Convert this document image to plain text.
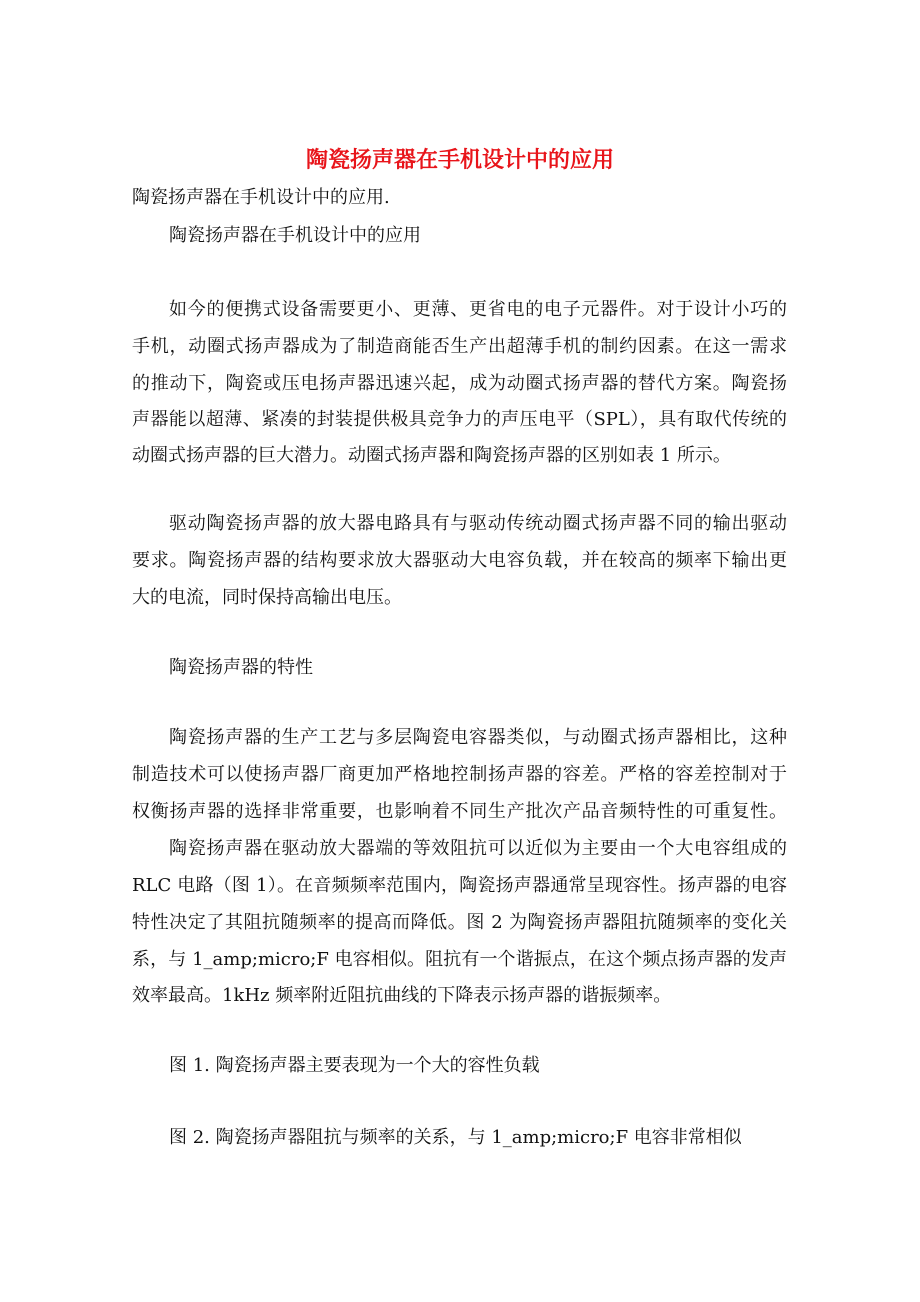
陶瓷扬声器在手机设计中的应用
陶瓷扬声器在手机设计中的应用.
陶瓷扬声器在手机设计中的应用
如今的便携式设备需要更小、更薄、更省电的电子元器件。对于设计小巧的
手机，动圈式扬声器成为了制造商能否生产出超薄手机的制约因素。在这一需求
的推动下，陶瓷或压电扬声器迅速兴起，成为动圈式扬声器的替代方案。陶瓷扬
声器能以超薄、紧凑的封装提供极具竞争力的声压电平（SPL），具有取代传统的
动圈式扬声器的巨大潜力。动圈式扬声器和陶瓷扬声器的区别如表 1 所示。
驱动陶瓷扬声器的放大器电路具有与驱动传统动圈式扬声器不同的输出驱动
要求。陶瓷扬声器的结构要求放大器驱动大电容负载，并在较高的频率下输出更
大的电流，同时保持高输出电压。
陶瓷扬声器的特性
陶瓷扬声器的生产工艺与多层陶瓷电容器类似，与动圈式扬声器相比，这种
制造技术可以使扬声器厂商更加严格地控制扬声器的容差。严格的容差控制对于
权衡扬声器的选择非常重要，也影响着不同生产批次产品音频特性的可重复性。
陶瓷扬声器在驱动放大器端的等效阻抗可以近似为主要由一个大电容组成的
RLC 电路（图 1）。在音频频率范围内，陶瓷扬声器通常呈现容性。扬声器的电容
特性决定了其阻抗随频率的提高而降低。图 2 为陶瓷扬声器阻抗随频率的变化关
系，与 1_amp;micro;F 电容相似。阻抗有一个谐振点，在这个频点扬声器的发声
效率最高。1kHz 频率附近阻抗曲线的下降表示扬声器的谐振频率。
图 1. 陶瓷扬声器主要表现为一个大的容性负载
图 2. 陶瓷扬声器阻抗与频率的关系，与 1_amp;micro;F 电容非常相似
